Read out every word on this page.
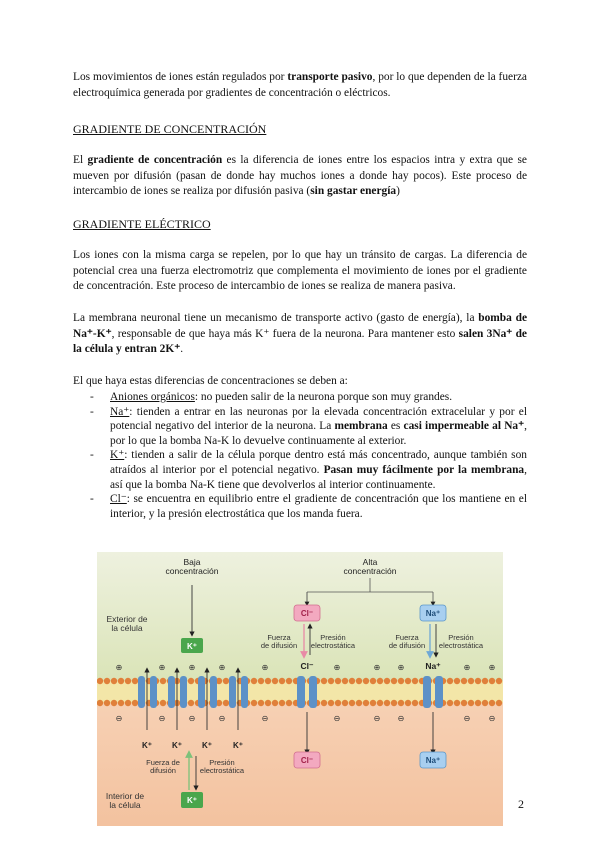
Los movimientos de iones están regulados por transporte pasivo, por lo que dependen de la fuerza electroquímica generada por gradientes de concentración o eléctricos.
GRADIENTE DE CONCENTRACIÓN
El gradiente de concentración es la diferencia de iones entre los espacios intra y extra que se mueven por difusión (pasan de donde hay muchos iones a donde hay pocos). Este proceso de intercambio de iones se realiza por difusión pasiva (sin gastar energía)
GRADIENTE ELÉCTRICO
Los iones con la misma carga se repelen, por lo que hay un tránsito de cargas. La diferencia de potencial crea una fuerza electromotriz que complementa el movimiento de iones por el gradiente de concentración. Este proceso de intercambio de iones se realiza de manera pasiva.
La membrana neuronal tiene un mecanismo de transporte activo (gasto de energía), la bomba de Na⁺-K⁺, responsable de que haya más K⁺ fuera de la neurona. Para mantener esto salen 3Na⁺ de la célula y entran 2K⁺.
El que haya estas diferencias de concentraciones se deben a:
- Aniones orgánicos: no pueden salir de la neurona porque son muy grandes.
- Na⁺: tienden a entrar en las neuronas por la elevada concentración extracelular y por el potencial negativo del interior de la neurona. La membrana es casi impermeable al Na⁺, por lo que la bomba Na-K lo devuelve continuamente al exterior.
- K⁺: tienden a salir de la célula porque dentro está más concentrado, aunque también son atraídos al interior por el potencial negativo. Pasan muy fácilmente por la membrana, así que la bomba Na-K tiene que devolverlos al interior continuamente.
- Cl⁻: se encuentra en equilibrio entre el gradiente de concentración que los mantiene en el interior, y la presión electrostática que los manda fuera.
Baja concentración
Alta concentración
Exterior de la célula
Interior de la célula
K⁺
Cl⁻	Na⁺
Fuerza de difusión
Presión electrostática
Cl⁻
Fuerza de difusión
Presión electrostática
Na⁺
K⁺	K⁺	K⁺	K⁺
Cl⁻	Na⁺
Fuerza de difusión
Presión electrostática
K⁺
⊕	⊕	⊕	⊕	⊕	⊕	⊕ ⊕	⊕ ⊕
⊖	⊖	⊖	⊖	⊖	⊖	⊖ ⊖	⊖ ⊖
2
